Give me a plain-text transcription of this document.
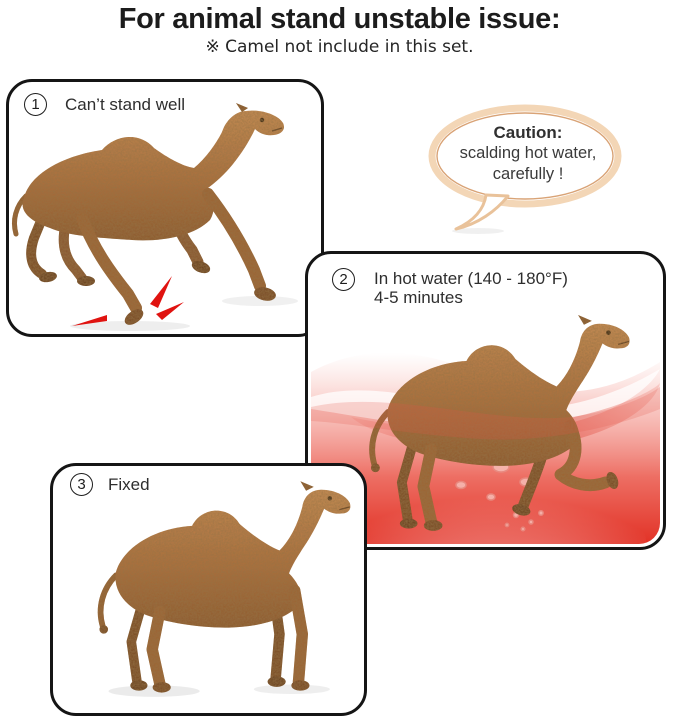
For animal stand unstable issue:
※ Camel not include in this set.
1	Can’t stand well
Caution:
scalding hot water,
carefully !
2	In hot water (140 - 180°F)
4-5 minutes
3	Fixed
